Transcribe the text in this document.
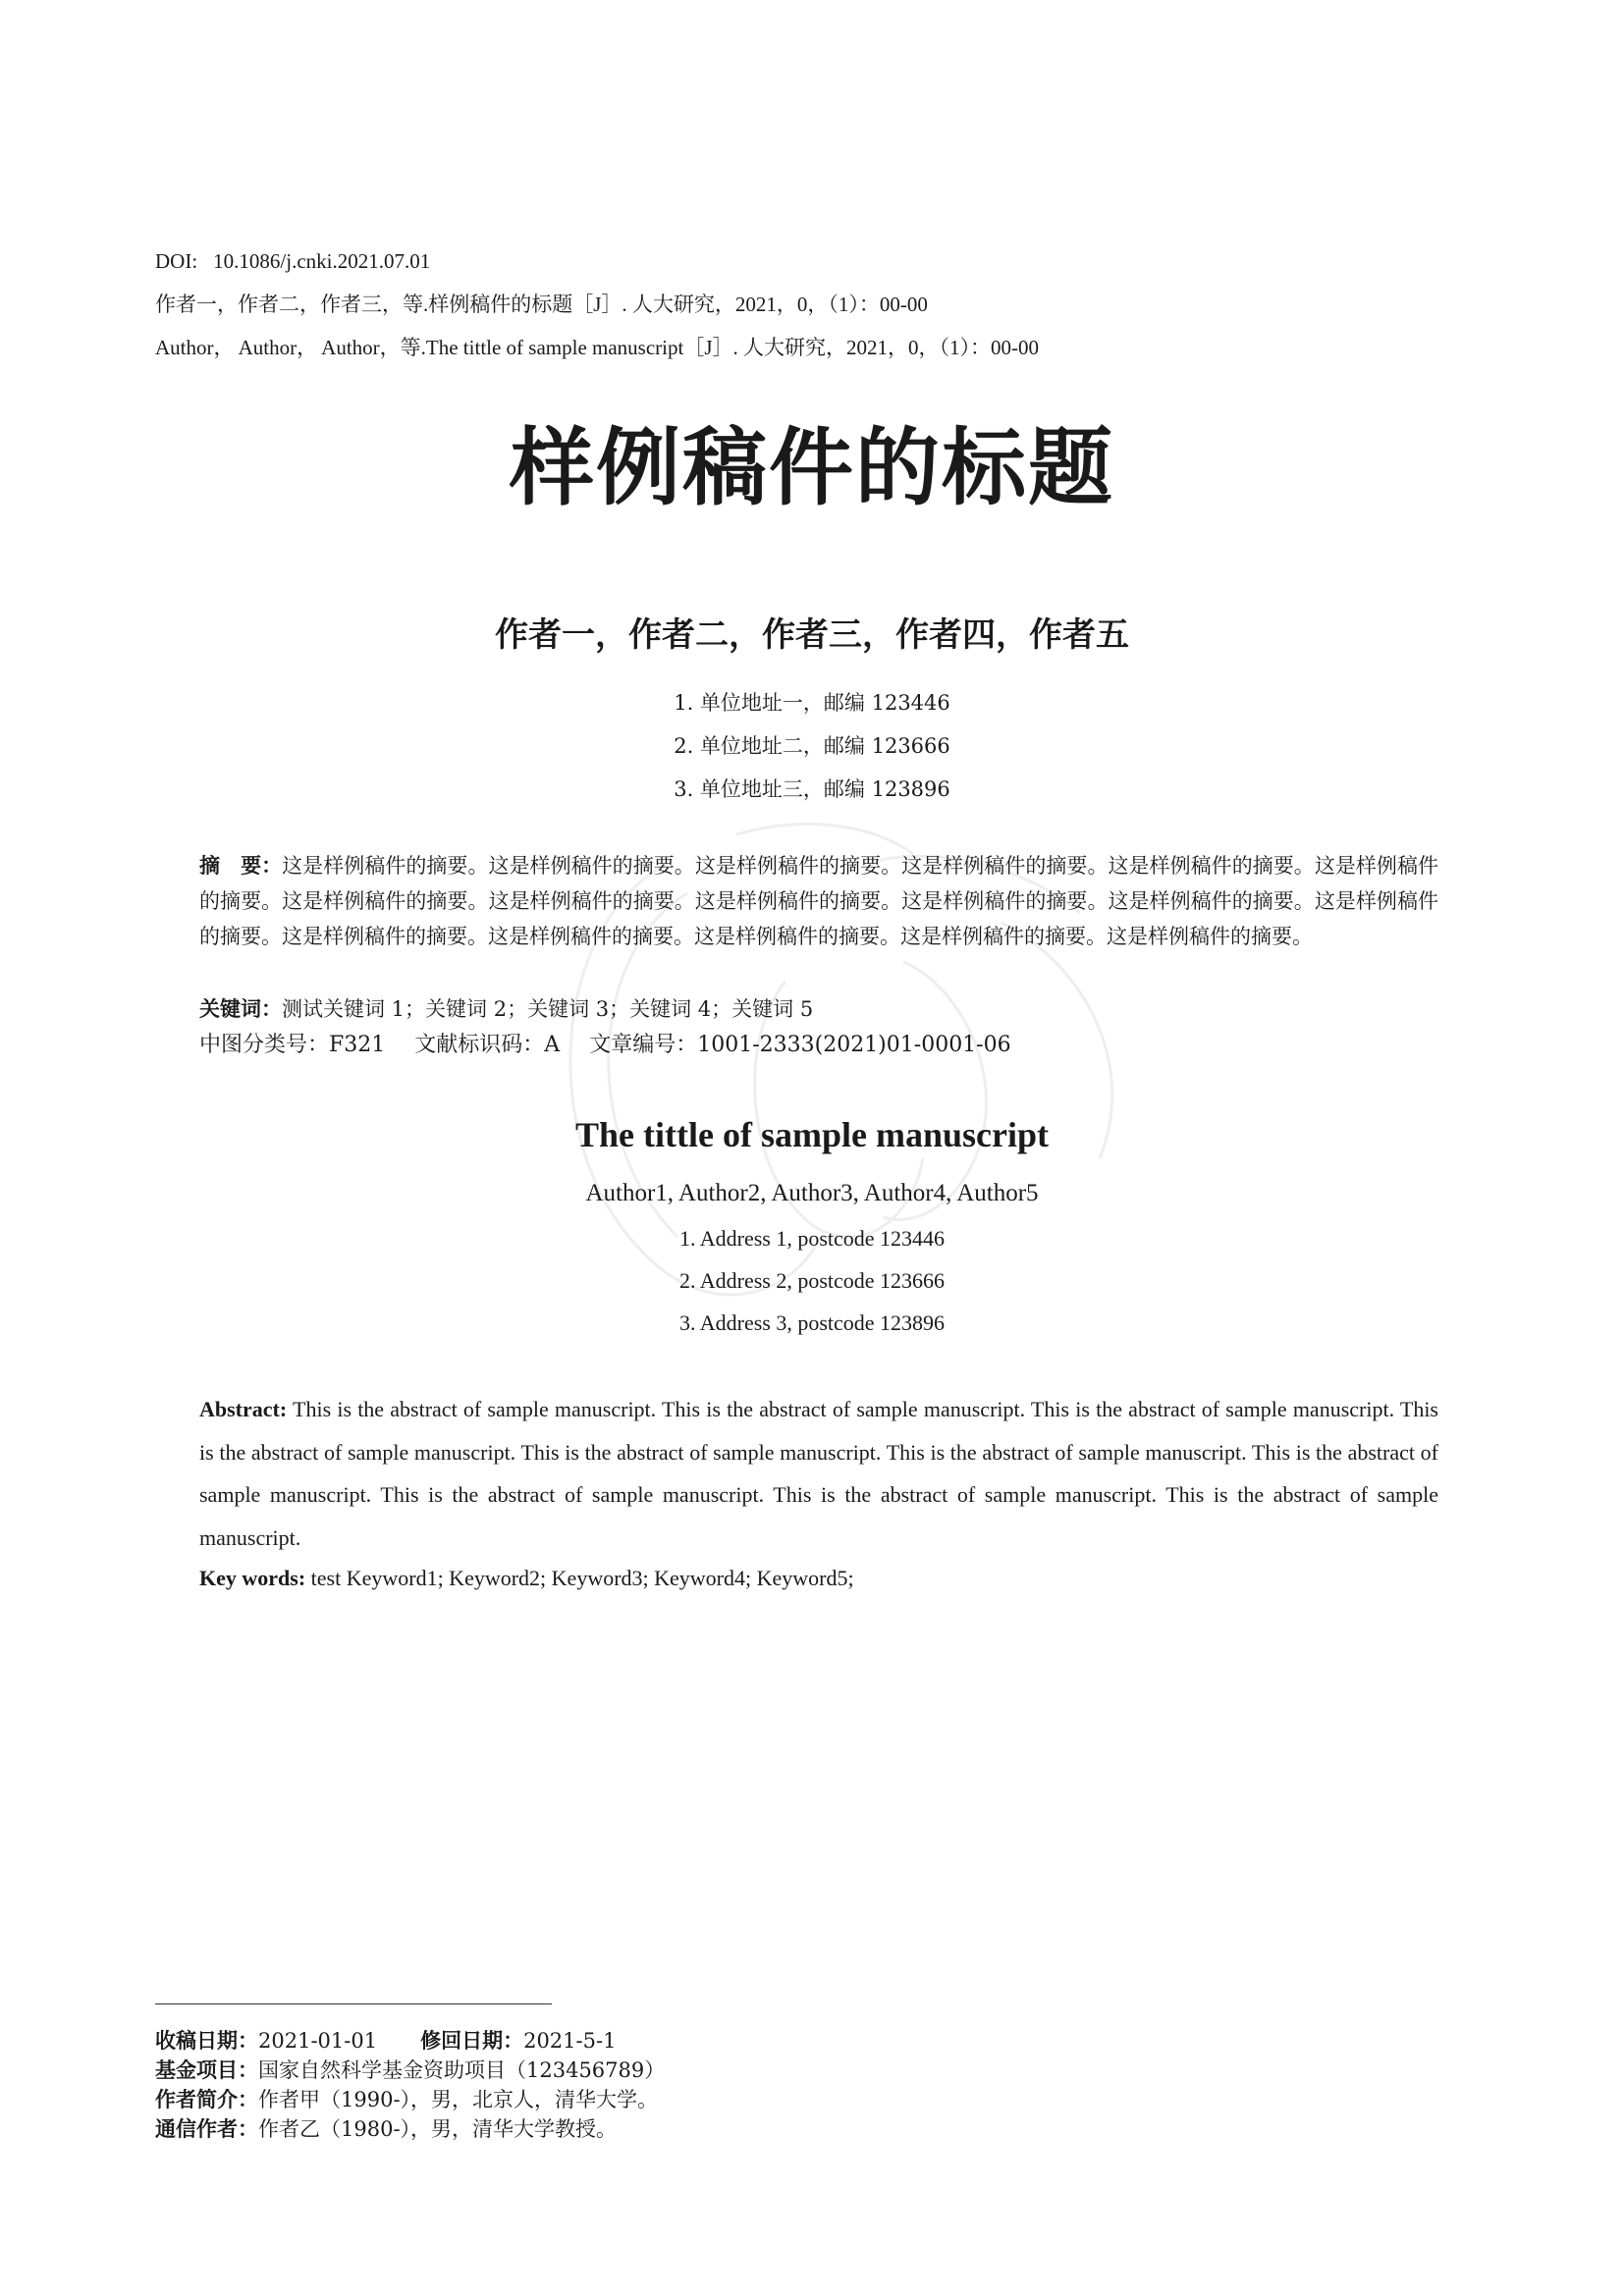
DOI: 10.1086/j.cnki.2021.07.01
作者一，作者二，作者三，等.样例稿件的标题［J］. 人大研究，2021，0，（1）：00-00
Author， Author， Author，等.The tittle of sample manuscript［J］. 人大研究，2021，0，（1）：00-00
样例稿件的标题
作者一，作者二，作者三，作者四，作者五
1. 单位地址一，邮编 123446
2. 单位地址二，邮编 123666
3. 单位地址三，邮编 123896
摘　要：这是样例稿件的摘要。这是样例稿件的摘要。这是样例稿件的摘要。这是样例稿件的摘要。这是样例稿件的摘要。这是样例稿件的摘要。这是样例稿件的摘要。这是样例稿件的摘要。这是样例稿件的摘要。这是样例稿件的摘要。这是样例稿件的摘要。这是样例稿件的摘要。这是样例稿件的摘要。这是样例稿件的摘要。这是样例稿件的摘要。这是样例稿件的摘要。这是样例稿件的摘要。
关键词：测试关键词 1；关键词 2；关键词 3；关键词 4；关键词 5
中图分类号：F321 文献标识码：A 文章编号：1001-2333(2021)01-0001-06
The tittle of sample manuscript
Author1, Author2, Author3, Author4, Author5
1. Address 1, postcode 123446
2. Address 2, postcode 123666
3. Address 3, postcode 123896
Abstract: This is the abstract of sample manuscript. This is the abstract of sample manuscript. This is the abstract of sample manuscript. This is the abstract of sample manuscript. This is the abstract of sample manuscript. This is the abstract of sample manuscript. This is the abstract of sample manuscript. This is the abstract of sample manuscript. This is the abstract of sample manuscript. This is the abstract of sample manuscript.
Key words: test Keyword1; Keyword2; Keyword3; Keyword4; Keyword5;
收稿日期：2021-01-01 修回日期：2021-5-1
基金项目：国家自然科学基金资助项目（123456789）
作者简介：作者甲（1990-），男，北京人，清华大学。
通信作者：作者乙（1980-），男，清华大学教授。
